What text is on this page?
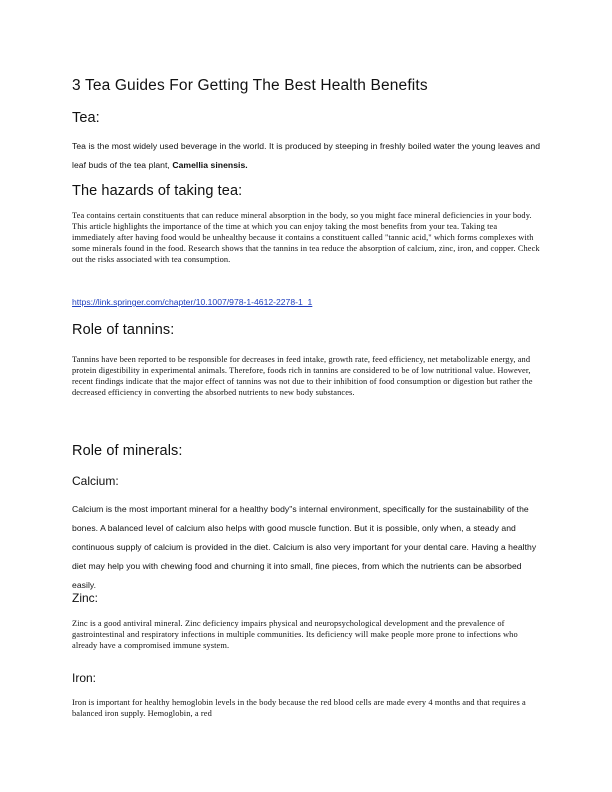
3 Tea Guides For Getting The Best Health Benefits
Tea:

Tea is the most widely used beverage in the world. It is produced by steeping in freshly boiled water the young leaves and leaf buds of the tea plant, Camellia sinensis.

The hazards of taking tea:

Tea contains certain constituents that can reduce mineral absorption in the body, so you might face mineral deficiencies in your body. This article highlights the importance of the time at which you can enjoy taking the most benefits from your tea. Taking tea immediately after having food would be unhealthy because it contains a constituent called "tannic acid," which forms complexes with some minerals found in the food. Research shows that the tannins in tea reduce the absorption of calcium, zinc, iron, and copper. Check out the risks associated with tea consumption.

https://link.springer.com/chapter/10.1007/978-1-4612-2278-1_1

Role of tannins:

Tannins have been reported to be responsible for decreases in feed intake, growth rate, feed efficiency, net metabolizable energy, and protein digestibility in experimental animals. Therefore, foods rich in tannins are considered to be of low nutritional value. However, recent findings indicate that the major effect of tannins was not due to their inhibition of food consumption or digestion but rather the decreased efficiency in converting the absorbed nutrients to new body substances.

Role of minerals:
Calcium:

Calcium is the most important mineral for a healthy body"s internal environment, specifically for the sustainability of the bones. A balanced level of calcium also helps with good muscle function. But it is possible, only when, a steady and continuous supply of calcium is provided in the diet. Calcium is also very important for your dental care. Having a healthy diet may help you with chewing food and churning it into small, fine pieces, from which the nutrients can be absorbed easily.

Zinc:

Zinc is a good antiviral mineral. Zinc deficiency impairs physical and neuropsychological development and the prevalence of gastrointestinal and respiratory infections in multiple communities. Its deficiency will make people more prone to infections who already have a compromised immune system.

Iron:

Iron is important for healthy hemoglobin levels in the body because the red blood cells are made every 4 months and that requires a balanced iron supply. Hemoglobin, a red
